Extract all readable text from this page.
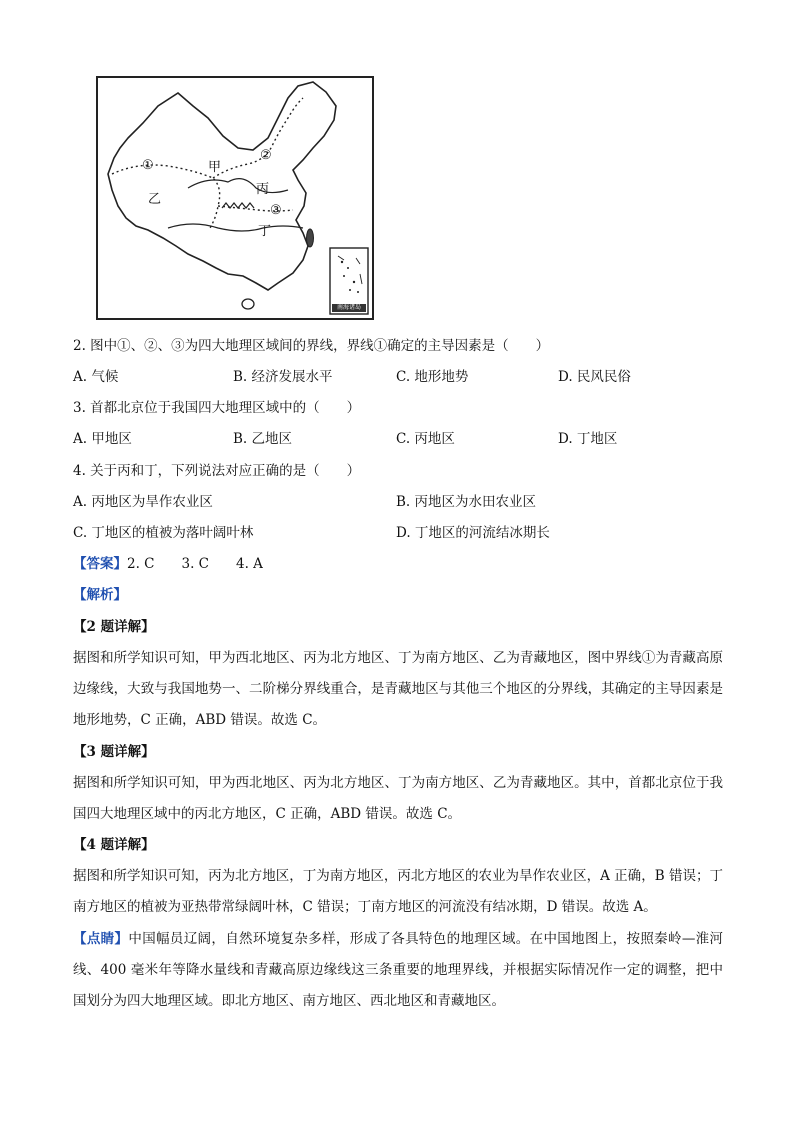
甲
乙
丙
丁
①
②
③
南海诸岛
2. 图中①、②、③为四大地理区域间的界线，界线①确定的主导因素是（　　）
A. 气候	B. 经济发展水平	C. 地形地势	D. 民风民俗
3. 首都北京位于我国四大地理区域中的（　　）
A. 甲地区	B. 乙地区	C. 丙地区	D. 丁地区
4. 关于丙和丁，下列说法对应正确的是（　　）
A. 丙地区为旱作农业区	B. 丙地区为水田农业区
C. 丁地区的植被为落叶阔叶林	D. 丁地区的河流结冰期长
【答案】2. C　　3. C　　4. A
【解析】
【2 题详解】
据图和所学知识可知，甲为西北地区、丙为北方地区、丁为南方地区、乙为青藏地区，图中界线①为青藏高原边缘线，大致与我国地势一、二阶梯分界线重合，是青藏地区与其他三个地区的分界线，其确定的主导因素是地形地势，C 正确，ABD 错误。故选 C。
【3 题详解】
据图和所学知识可知，甲为西北地区、丙为北方地区、丁为南方地区、乙为青藏地区。其中，首都北京位于我国四大地理区域中的丙北方地区，C 正确，ABD 错误。故选 C。
【4 题详解】
据图和所学知识可知，丙为北方地区，丁为南方地区，丙北方地区的农业为旱作农业区，A 正确，B 错误；丁南方地区的植被为亚热带常绿阔叶林，C 错误；丁南方地区的河流没有结冰期，D 错误。故选 A。
【点睛】中国幅员辽阔，自然环境复杂多样，形成了各具特色的地理区域。在中国地图上，按照秦岭—淮河线、400 毫米年等降水量线和青藏高原边缘线这三条重要的地理界线，并根据实际情况作一定的调整，把中国划分为四大地理区域。即北方地区、南方地区、西北地区和青藏地区。
